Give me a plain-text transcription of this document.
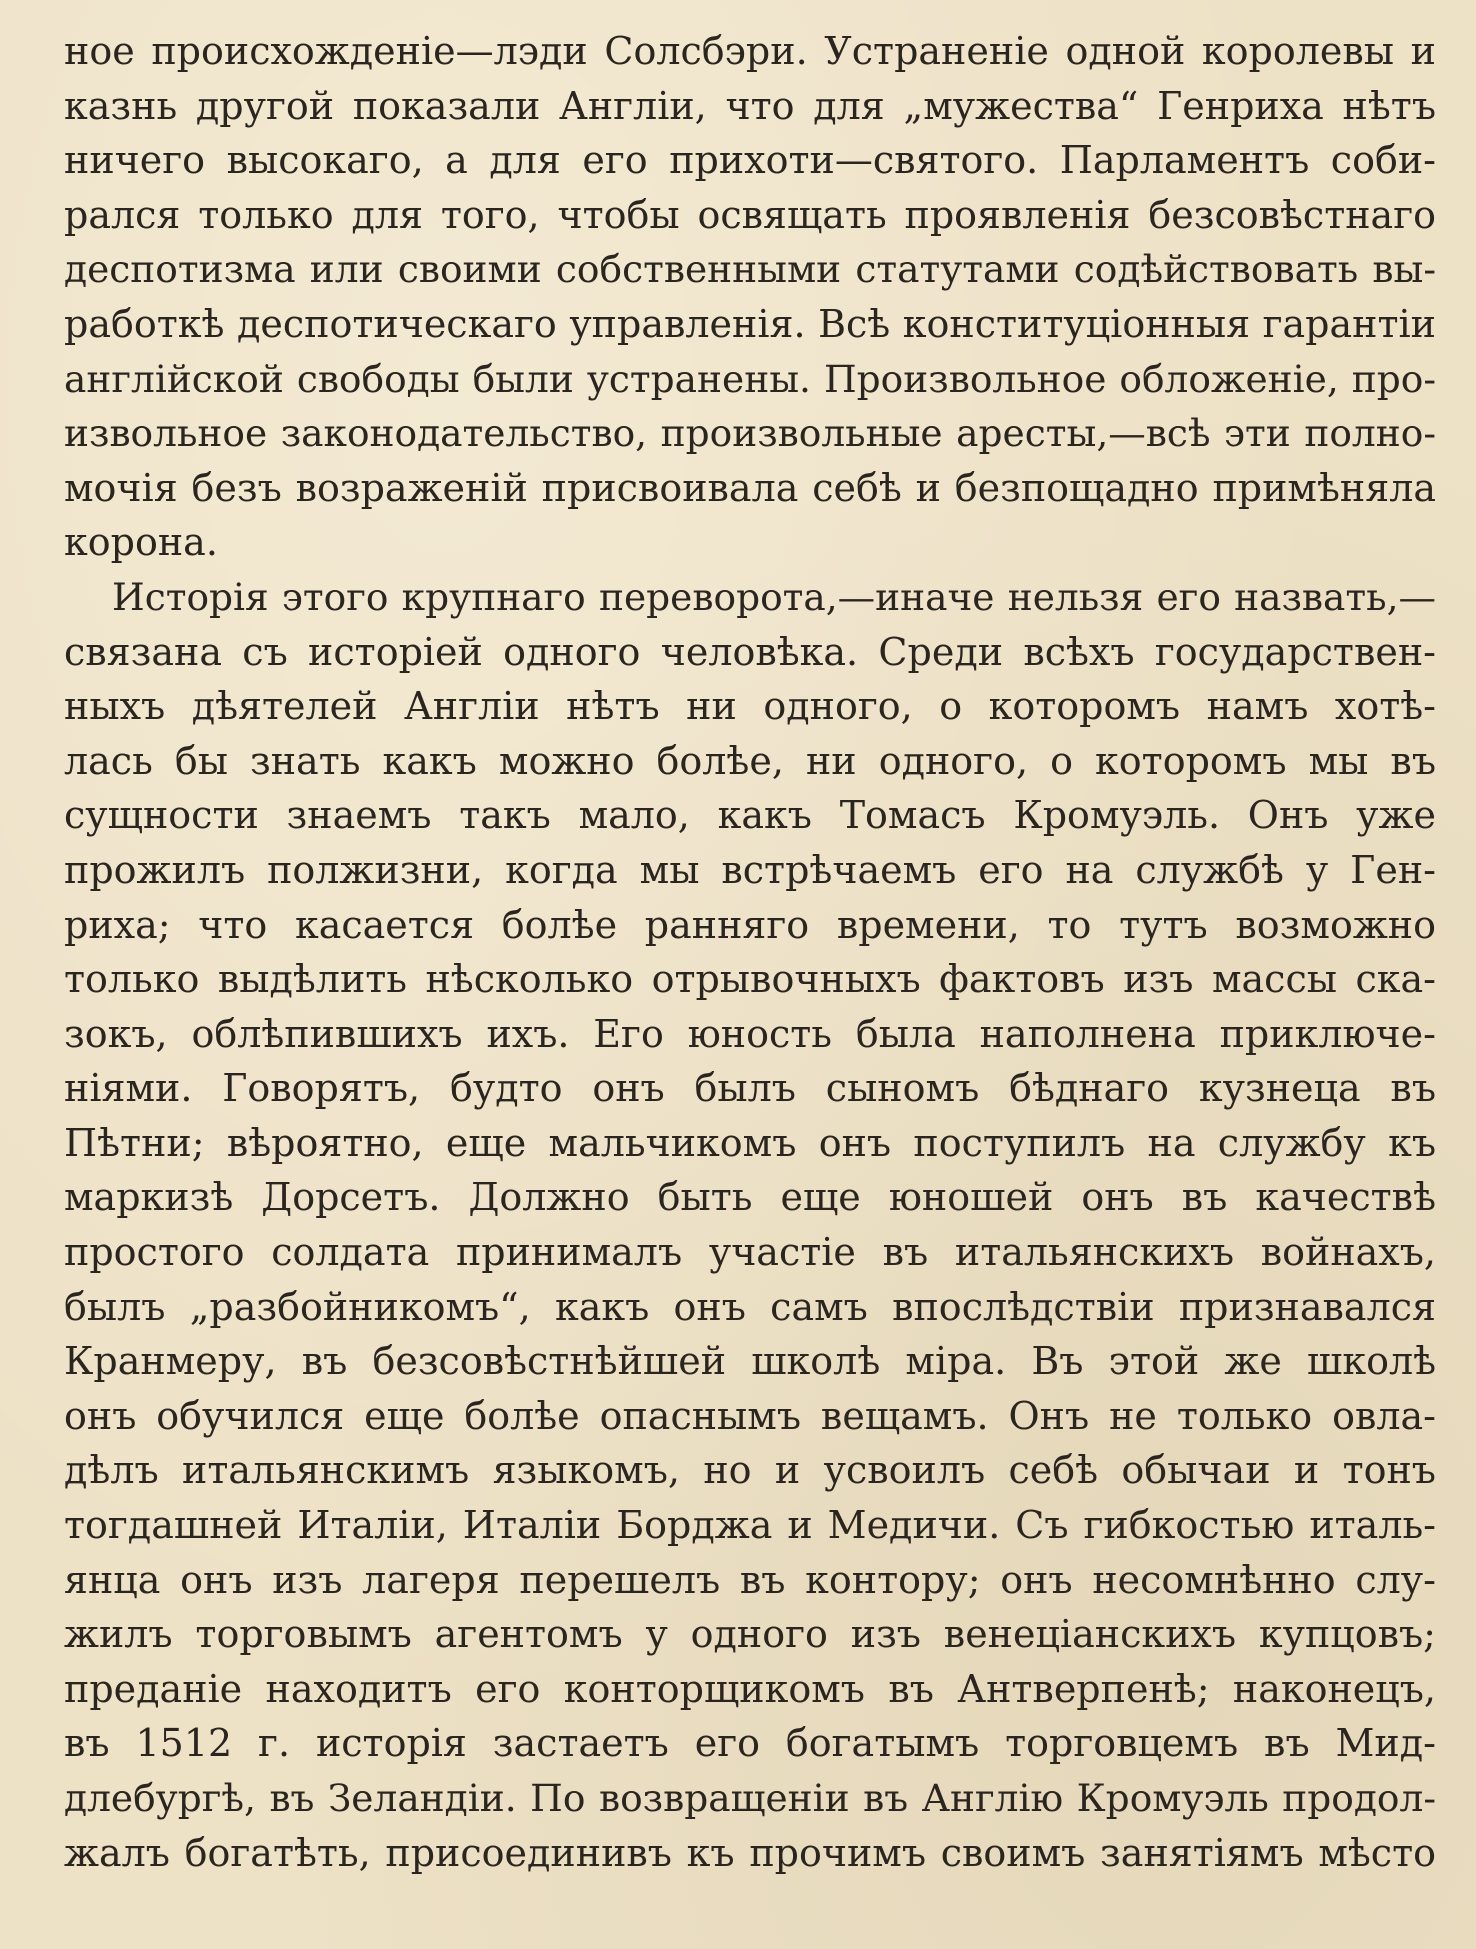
ное происхожденіе—лэди Солсбэри. Устраненіе одной королевы и
казнь другой показали Англіи, что для „мужества“ Генриха нѣтъ
ничего высокаго, а для его прихоти—святого. Парламентъ соби-
рался только для того, чтобы освящать проявленія безсовѣстнаго
деспотизма или своими собственными статутами содѣйствовать вы-
работкѣ деспотическаго управленія. Всѣ конституціонныя гарантіи
англійской свободы были устранены. Произвольное обложеніе, про-
извольное законодательство, произвольные аресты,—всѣ эти полно-
мочія безъ возраженій присвоивала себѣ и безпощадно примѣняла
корона.
Исторія этого крупнаго переворота,—иначе нельзя его назвать,—
связана съ исторіей одного человѣка. Среди всѣхъ государствен-
ныхъ дѣятелей Англіи нѣтъ ни одного, о которомъ намъ хотѣ-
лась бы знать какъ можно болѣе, ни одного, о которомъ мы въ
сущности знаемъ такъ мало, какъ Томасъ Кромуэль. Онъ уже
прожилъ полжизни, когда мы встрѣчаемъ его на службѣ у Ген-
риха; что касается болѣе ранняго времени, то тутъ возможно
только выдѣлить нѣсколько отрывочныхъ фактовъ изъ массы ска-
зокъ, облѣпившихъ ихъ. Его юность была наполнена приключе-
ніями. Говорятъ, будто онъ былъ сыномъ бѣднаго кузнеца въ
Пѣтни; вѣроятно, еще мальчикомъ онъ поступилъ на службу къ
маркизѣ Дорсетъ. Должно быть еще юношей онъ въ качествѣ
простого солдата принималъ участіе въ итальянскихъ войнахъ,
былъ „разбойникомъ“, какъ онъ самъ впослѣдствіи признавался
Кранмеру, въ безсовѣстнѣйшей школѣ міра. Въ этой же школѣ
онъ обучился еще болѣе опаснымъ вещамъ. Онъ не только овла-
дѣлъ итальянскимъ языкомъ, но и усвоилъ себѣ обычаи и тонъ
тогдашней Италіи, Италіи Борджа и Медичи. Съ гибкостью италь-
янца онъ изъ лагеря перешелъ въ контору; онъ несомнѣнно слу-
жилъ торговымъ агентомъ у одного изъ венеціанскихъ купцовъ;
преданіе находитъ его конторщикомъ въ Антверпенѣ; наконецъ,
въ 1512 г. исторія застаетъ его богатымъ торговцемъ въ Мид-
длебургѣ, въ Зеландіи. По возвращеніи въ Англію Кромуэль продол-
жалъ богатѣть, присоединивъ къ прочимъ своимъ занятіямъ мѣсто
